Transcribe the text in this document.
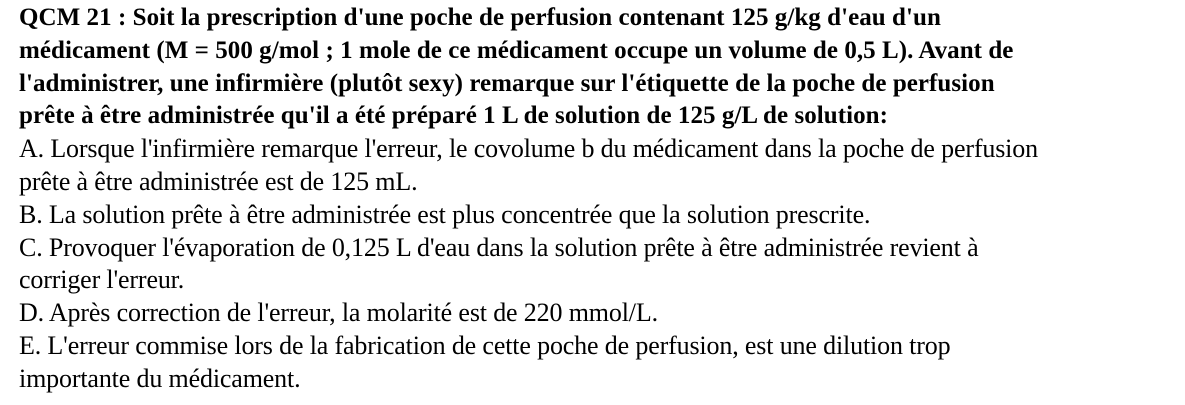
QCM 21 : Soit la prescription d'une poche de perfusion contenant 125 g/kg d'eau d'un
médicament (M = 500 g/mol ; 1 mole de ce médicament occupe un volume de 0,5 L). Avant de
l'administrer, une infirmière (plutôt sexy) remarque sur l'étiquette de la poche de perfusion
prête à être administrée qu'il a été préparé 1 L de solution de 125 g/L de solution:
A. Lorsque l'infirmière remarque l'erreur, le covolume b du médicament dans la poche de perfusion
prête à être administrée est de 125 mL.
B. La solution prête à être administrée est plus concentrée que la solution prescrite.
C. Provoquer l'évaporation de 0,125 L d'eau dans la solution prête à être administrée revient à
corriger l'erreur.
D. Après correction de l'erreur, la molarité est de 220 mmol/L.
E. L'erreur commise lors de la fabrication de cette poche de perfusion, est une dilution trop
importante du médicament.
